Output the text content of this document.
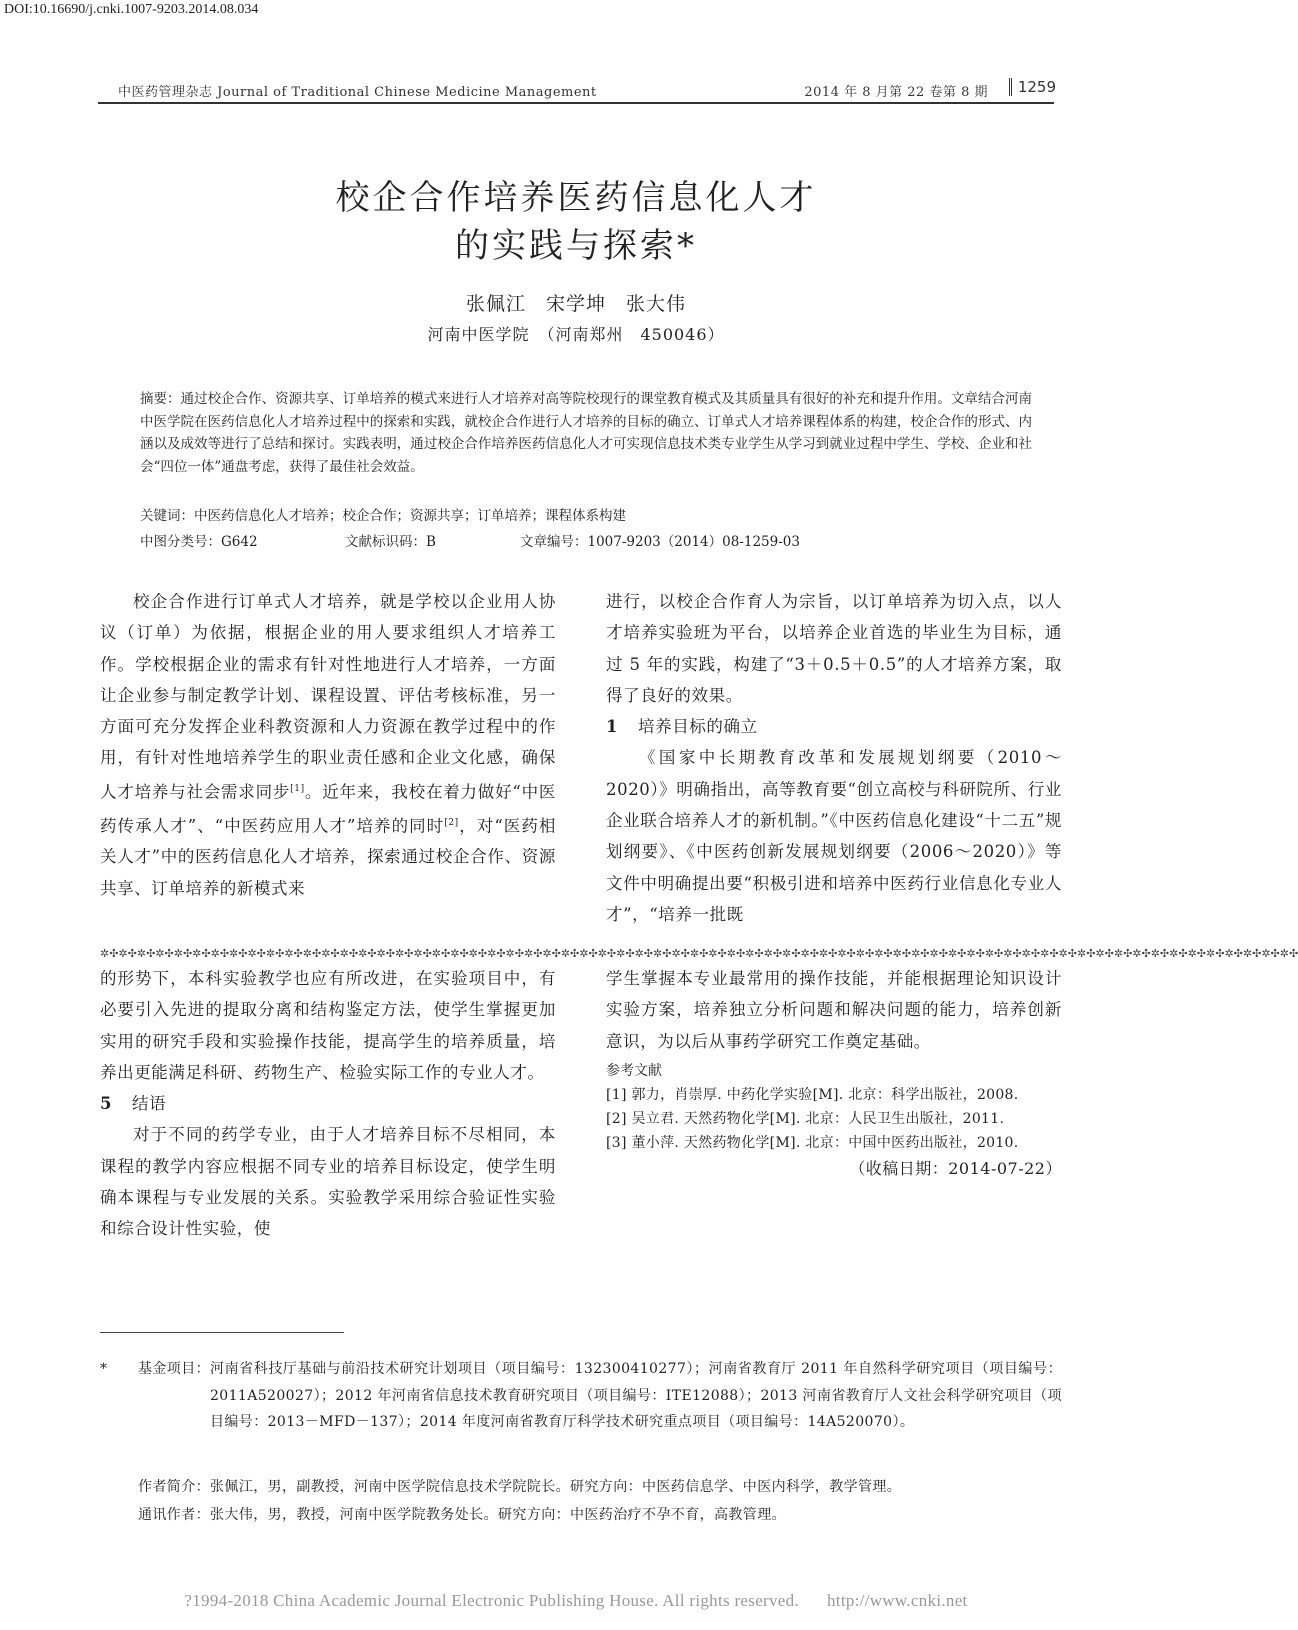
DOI:10.16690/j.cnki.1007-9203.2014.08.034
中医药管理杂志 Journal of Traditional Chinese Medicine Management	2014 年 8 月第 22 卷第 8 期	1259
校企合作培养医药信息化人才
的实践与探索*
张佩江　宋学坤　张大伟
河南中医学院　（河南郑州　450046）
摘要：通过校企合作、资源共享、订单培养的模式来进行人才培养对高等院校现行的课堂教育模式及其质量具有很好的补充和提升作用。文章结合河南中医学院在医药信息化人才培养过程中的探索和实践，就校企合作进行人才培养的目标的确立、订单式人才培养课程体系的构建，校企合作的形式、内涵以及成效等进行了总结和探讨。实践表明，通过校企合作培养医药信息化人才可实现信息技术类专业学生从学习到就业过程中学生、学校、企业和社会“四位一体”通盘考虑，获得了最佳社会效益。
关键词：中医药信息化人才培养；校企合作；资源共享；订单培养；课程体系构建
中图分类号：G642	文献标识码：B	文章编号：1007-9203（2014）08-1259-03

校企合作进行订单式人才培养，就是学校以企业用人协议（订单）为依据，根据企业的用人要求组织人才培养工作。学校根据企业的需求有针对性地进行人才培养，一方面让企业参与制定教学计划、课程设置、评估考核标准，另一方面可充分发挥企业科教资源和人力资源在教学过程中的作用，有针对性地培养学生的职业责任感和企业文化感，确保人才培养与社会需求同步[1]。近年来，我校在着力做好“中医药传承人才”、“中医药应用人才”培养的同时[2]，对“医药相关人才”中的医药信息化人才培养，探索通过校企合作、资源共享、订单培养的新模式来

进行，以校企合作育人为宗旨，以订单培养为切入点，以人才培养实验班为平台，以培养企业首选的毕业生为目标，通过 5 年的实践，构建了“3＋0.5＋0.5”的人才培养方案，取得了良好的效果。

1 培养目标的确立

《国家中长期教育改革和发展规划纲要（2010～2020）》明确指出，高等教育要“创立高校与科研院所、行业企业联合培养人才的新机制。”《中医药信息化建设“十二五”规划纲要》、《中医药创新发展规划纲要（2006～2020）》等文件中明确提出要“积极引进和培养中医药行业信息化专业人才”，“培养一批既

✲✣✲✣✲✣✲✣✲✣✲✣✲✣✲✣✲✣✲✣✲✣✲✣✲✣✲✣✲✣✲✣✲✣✲✣✲✣✲✣✲✣✲✣✲✣✲✣✲✣✲✣✲✣✲✣✲✣✲✣✲✣✲✣✲✣✲✣✲✣✲✣✲✣✲✣✲✣✲✣✲✣✲✣✲✣✲✣✲✣✲✣✲✣✲✣✲✣✲✣✲✣✲✣✲✣✲✣✲✣✲✣✲✣✲✣✲✣✲✣✲✣✲✣✲✣✲✣✲✣

的形势下，本科实验教学也应有所改进，在实验项目中，有必要引入先进的提取分离和结构鉴定方法，使学生掌握更加实用的研究手段和实验操作技能，提高学生的培养质量，培养出更能满足科研、药物生产、检验实际工作的专业人才。

5 结语

对于不同的药学专业，由于人才培养目标不尽相同，本课程的教学内容应根据不同专业的培养目标设定，使学生明确本课程与专业发展的关系。实验教学采用综合验证性实验和综合设计性实验，使

学生掌握本专业最常用的操作技能，并能根据理论知识设计实验方案，培养独立分析问题和解决问题的能力，培养创新意识，为以后从事药学研究工作奠定基础。

参考文献

[1] 郭力，肖崇厚. 中药化学实验[M]. 北京：科学出版社，2008.

[2] 吴立君. 天然药物化学[M]. 北京：人民卫生出版社，2011.

[3] 董小萍. 天然药物化学[M]. 北京：中国中医药出版社，2010.

（收稿日期：2014-07-22）

* 基金项目： 河南省科技厅基础与前沿技术研究计划项目（项目编号：132300410277）；河南省教育厅 2011 年自然科学研究项目（项目编号：2011A520027）；2012 年河南省信息技术教育研究项目（项目编号：ITE12088）；2013 河南省教育厅人文社会科学研究项目（项目编号：2013－MFD－137）；2014 年度河南省教育厅科学技术研究重点项目（项目编号：14A520070）。
作者简介：张佩江，男，副教授，河南中医学院信息技术学院院长。研究方向：中医药信息学、中医内科学，教学管理。
通讯作者：张大伟，男，教授，河南中医学院教务处长。研究方向：中医药治疗不孕不育，高教管理。
?1994-2018 China Academic Journal Electronic Publishing House. All rights reserved. http://www.cnki.net
